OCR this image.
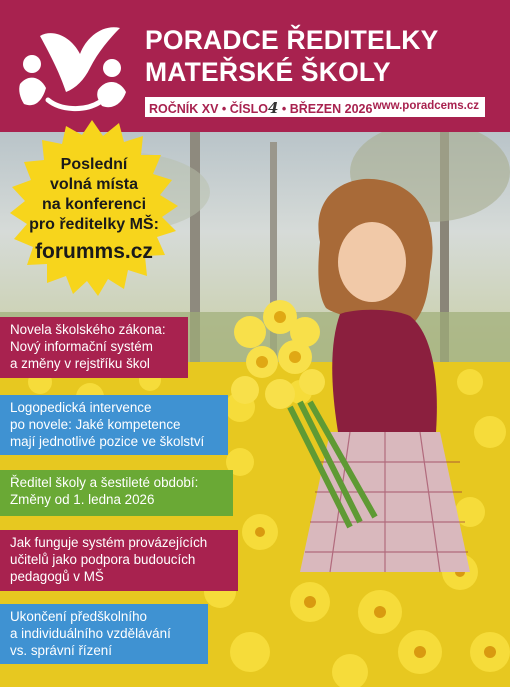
PORADCE ŘEDITELKY
MATEŘSKÉ ŠKOLY
ROČNÍK XV • ČÍSLO4 • BŘEZEN 2026 www.poradcems.cz
Poslední
volná místa
na konferenci
pro ředitelky MŠ:
forumms.cz
Novela školského zákona:
Nový informační systém
a změny v rejstříku škol
Logopedická intervence
po novele: Jaké kompetence
mají jednotlivé pozice ve školství
Ředitel školy a šestileté období:
Změny od 1. ledna 2026
Jak funguje systém provázejících
učitelů jako podpora budoucích
pedagogů v MŠ
Ukončení předškolního
a individuálního vzdělávání
vs. správní řízení
